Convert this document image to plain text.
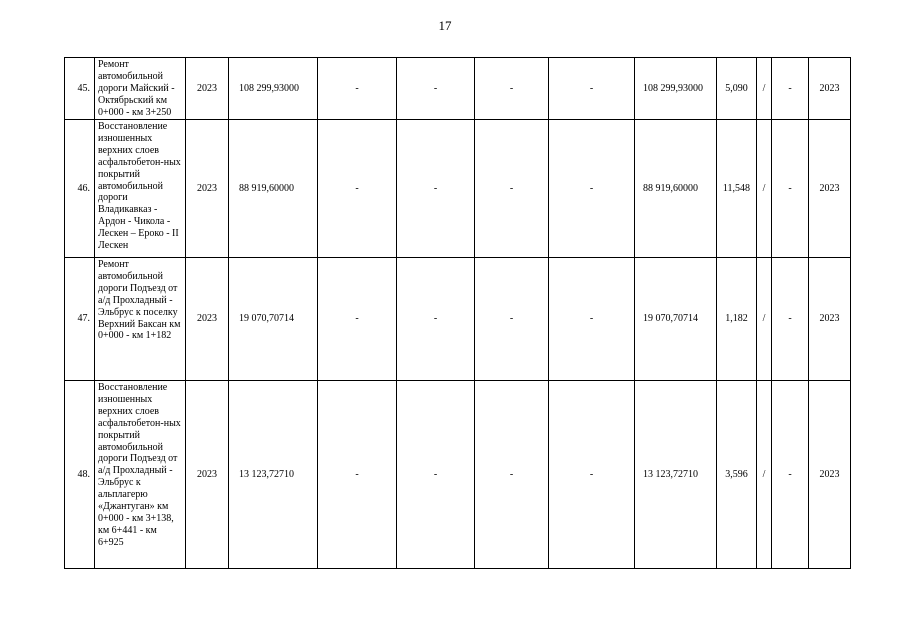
17
45.	Ремонт автомобильной дороги Майский - Октябрьский км 0+000 - км 3+250	2023	108 299,93000	-	-	-	-	108 299,93000	5,090	/	-	2023
46.	Восстановление изношенных верхних слоев асфальтобетон-ных покрытий автомобильной дороги Владикавказ - Ардон - Чикола - Лескен – Ероко - II Лескен	2023	88 919,60000	-	-	-	-	88 919,60000	11,548	/	-	2023
47.	Ремонт автомобильной дороги Подъезд от а/д Прохладный - Эльбрус к поселку Верхний Баксан км 0+000 - км 1+182	2023	19 070,70714	-	-	-	-	19 070,70714	1,182	/	-	2023
48.	Восстановление изношенных верхних слоев асфальтобетон-ных покрытий автомобильной дороги Подъезд от а/д Прохладный - Эльбрус к альплагерю «Джантуган» км 0+000 - км 3+138, км 6+441 - км 6+925	2023	13 123,72710	-	-	-	-	13 123,72710	3,596	/	-	2023
